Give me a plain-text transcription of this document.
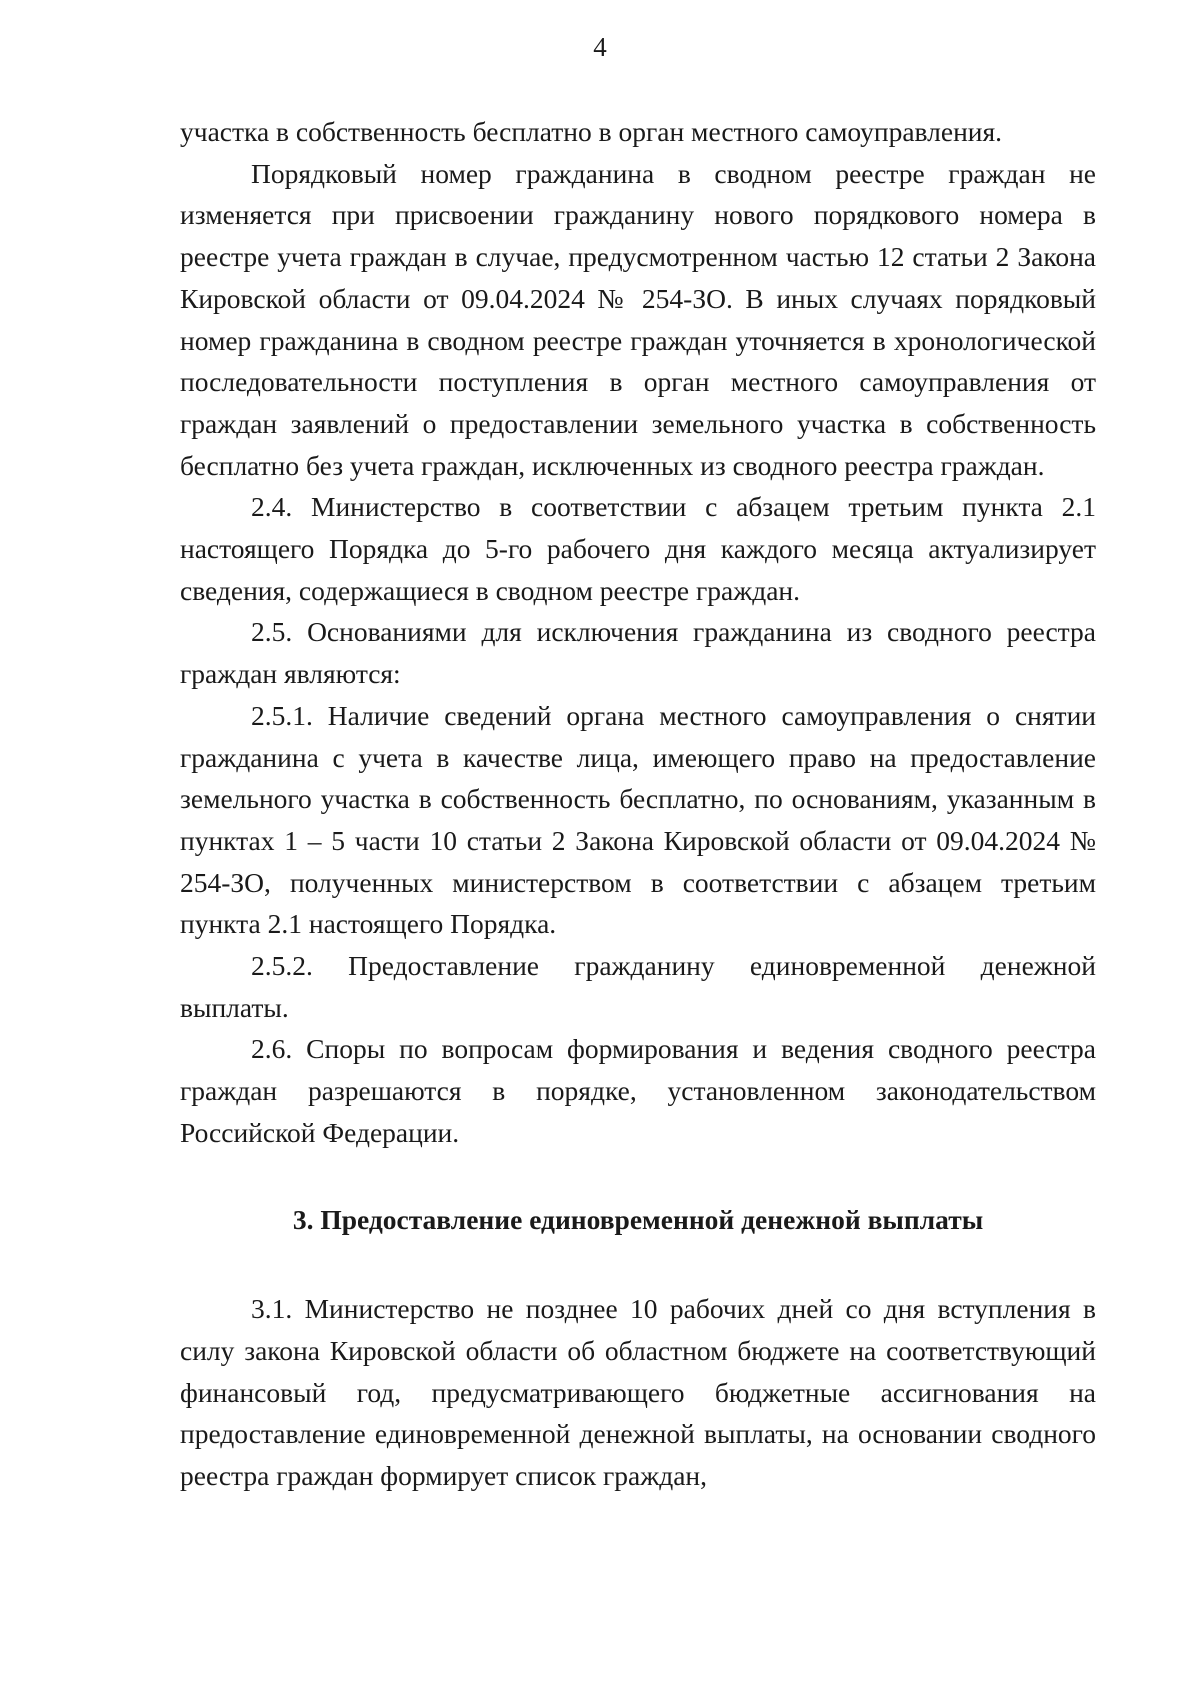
4

участка в собственность бесплатно в орган местного самоуправления.

Порядковый номер гражданина в сводном реестре граждан не изменяется при присвоении гражданину нового порядкового номера в реестре учета граждан в случае, предусмотренном частью 12 статьи 2 Закона Кировской области от 09.04.2024 № 254-ЗО. В иных случаях порядковый номер гражданина в сводном реестре граждан уточняется в хронологической последовательности поступления в орган местного самоуправления от граждан заявлений о предоставлении земельного участка в собственность бесплатно без учета граждан, исключенных из сводного реестра граждан.

2.4. Министерство в соответствии с абзацем третьим пункта 2.1 настоящего Порядка до 5-го рабочего дня каждого месяца актуализирует сведения, содержащиеся в сводном реестре граждан.

2.5. Основаниями для исключения гражданина из сводного реестра граждан являются:

2.5.1. Наличие сведений органа местного самоуправления о снятии гражданина с учета в качестве лица, имеющего право на предоставление земельного участка в собственность бесплатно, по основаниям, указанным в пунктах 1 – 5 части 10 статьи 2 Закона Кировской области от 09.04.2024 № 254-ЗО, полученных министерством в соответствии с абзацем третьим пункта 2.1 настоящего Порядка.

2.5.2. Предоставление гражданину единовременной денежной выплаты.

2.6. Споры по вопросам формирования и ведения сводного реестра граждан разрешаются в порядке, установленном законодательством Российской Федерации.

3. Предоставление единовременной денежной выплаты

3.1. Министерство не позднее 10 рабочих дней со дня вступления в силу закона Кировской области об областном бюджете на соответствующий финансовый год, предусматривающего бюджетные ассигнования на предоставление единовременной денежной выплаты, на основании сводного реестра граждан формирует список граждан,
